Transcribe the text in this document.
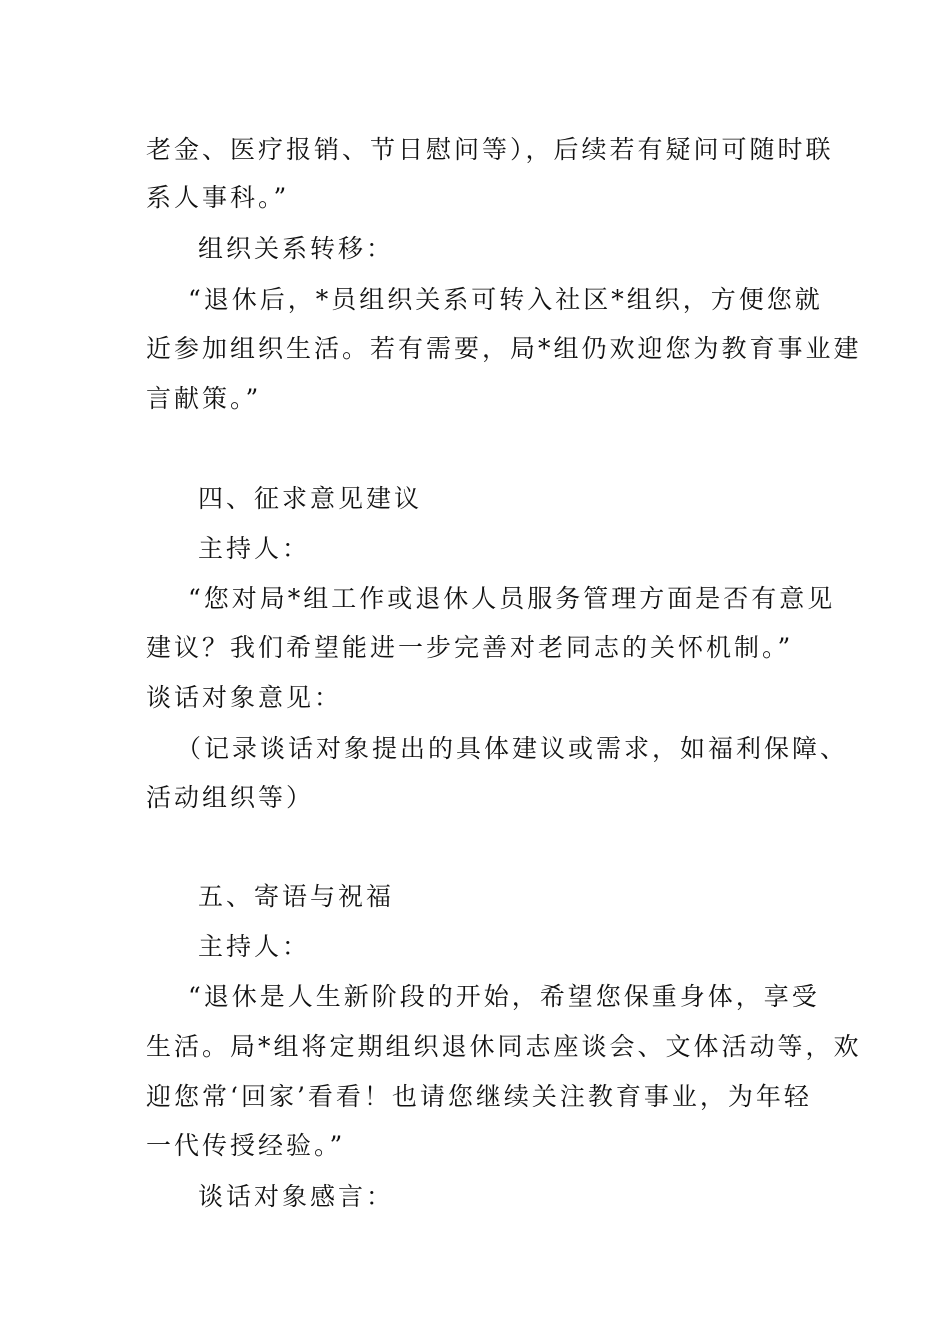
老金、医疗报销、节日慰问等），后续若有疑问可随时联
系人事科。”
组织关系转移：
“退休后，*员组织关系可转入社区*组织，方便您就
近参加组织生活。若有需要，局*组仍欢迎您为教育事业建
言献策。”
四、征求意见建议
主持人：
“您对局*组工作或退休人员服务管理方面是否有意见
建议？我们希望能进一步完善对老同志的关怀机制。”
谈话对象意见：
（记录谈话对象提出的具体建议或需求，如福利保障、
活动组织等）
五、寄语与祝福
主持人：
“退休是人生新阶段的开始，希望您保重身体，享受
生活。局*组将定期组织退休同志座谈会、文体活动等，欢
迎您常‘回家’看看！也请您继续关注教育事业，为年轻
一代传授经验。”
谈话对象感言：
